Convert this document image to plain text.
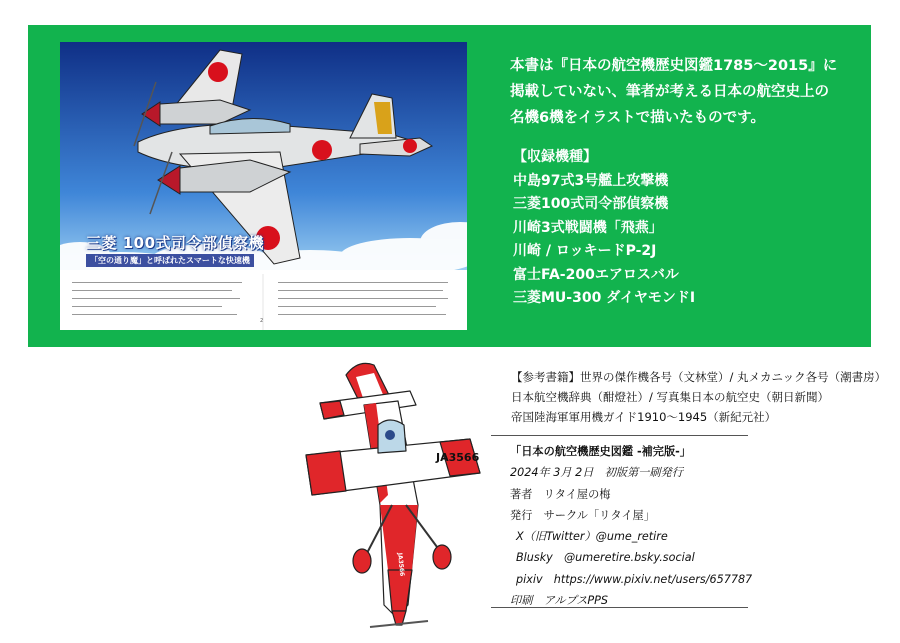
三菱 100式司令部偵察機
「空の通り魔」と呼ばれたスマートな快速機
2

本書は『日本の航空機歴史図鑑1785～2015』に

掲載していない、筆者が考える日本の航空史上の

名機6機をイラストで描いたものです。

【収録機種】
中島97式3号艦上攻撃機
三菱100式司令部偵察機
川崎3式戦闘機「飛燕」
川崎 / ロッキードP-2J
富士FA-200エアロスバル
三菱MU-300 ダイヤモンドI
JA3566
JA3566
【参考書籍】世界の傑作機各号（文林堂）/ 丸メカニック各号（潮書房）
日本航空機辞典（酣燈社）/ 写真集日本の航空史（朝日新聞）
帝国陸海軍軍用機ガイド1910～1945（新紀元社）
「日本の航空機歴史図鑑 -補完版-」
2024年 3月 2日　初版第一刷発行
著者　リタイ屋の梅
発行　サークル「リタイ屋」
X（旧Twitter）@ume_retire
Blusky　@umeretire.bsky.social
pixiv　https://www.pixiv.net/users/657787
印刷　アルプスPPS
